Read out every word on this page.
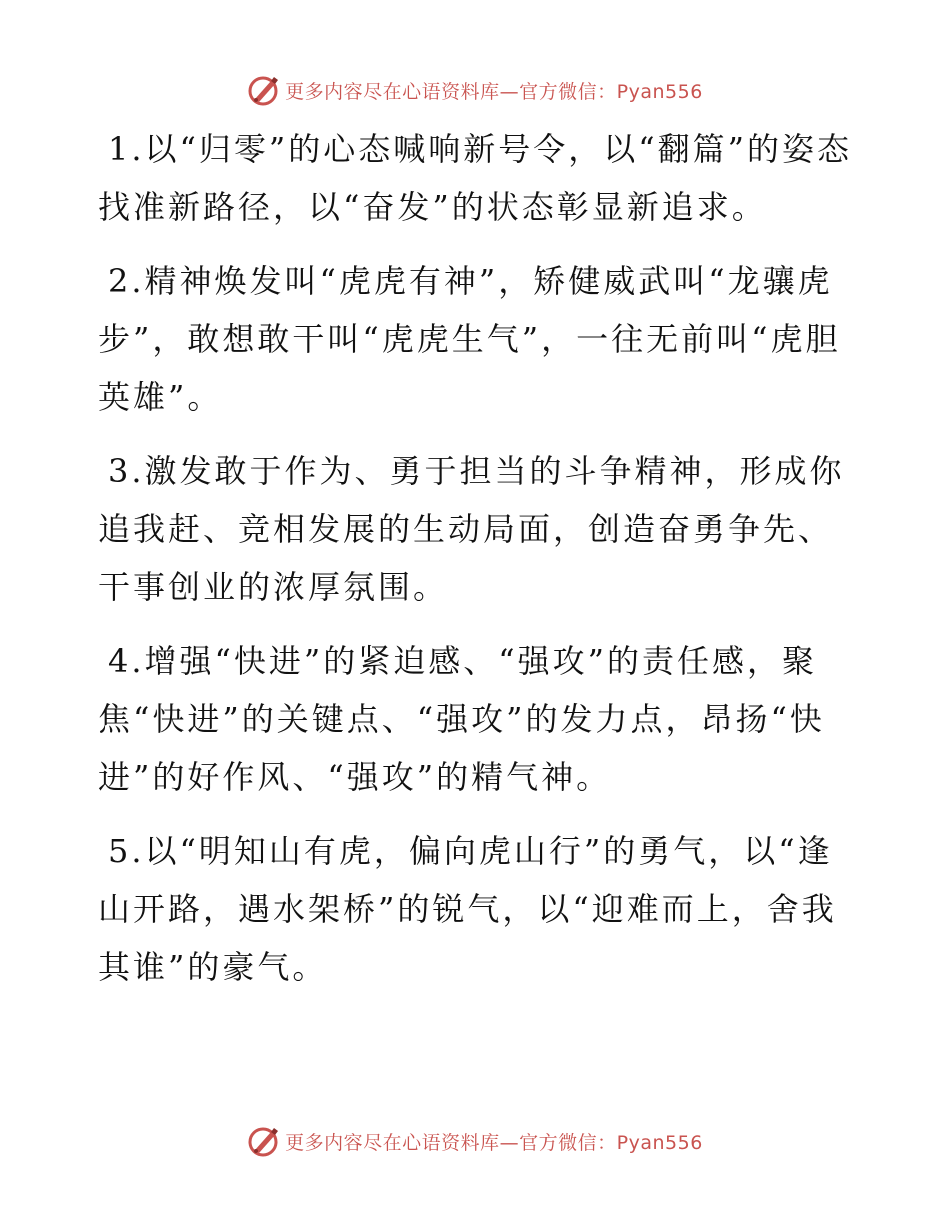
更多内容尽在心语资料库—官方微信：Pyan556

1.以“归零”的心态喊响新号令，以“翻篇”的姿态找准新路径，以“奋发”的状态彰显新追求。

2.精神焕发叫“虎虎有神”，矫健威武叫“龙骧虎步”，敢想敢干叫“虎虎生气”，一往无前叫“虎胆英雄”。

3.激发敢于作为、勇于担当的斗争精神，形成你追我赶、竞相发展的生动局面，创造奋勇争先、干事创业的浓厚氛围。

4.增强“快进”的紧迫感、“强攻”的责任感，聚焦“快进”的关键点、“强攻”的发力点，昂扬“快进”的好作风、“强攻”的精气神。

5.以“明知山有虎，偏向虎山行”的勇气，以“逢山开路，遇水架桥”的锐气，以“迎难而上，舍我其谁”的豪气。

更多内容尽在心语资料库—官方微信：Pyan556
